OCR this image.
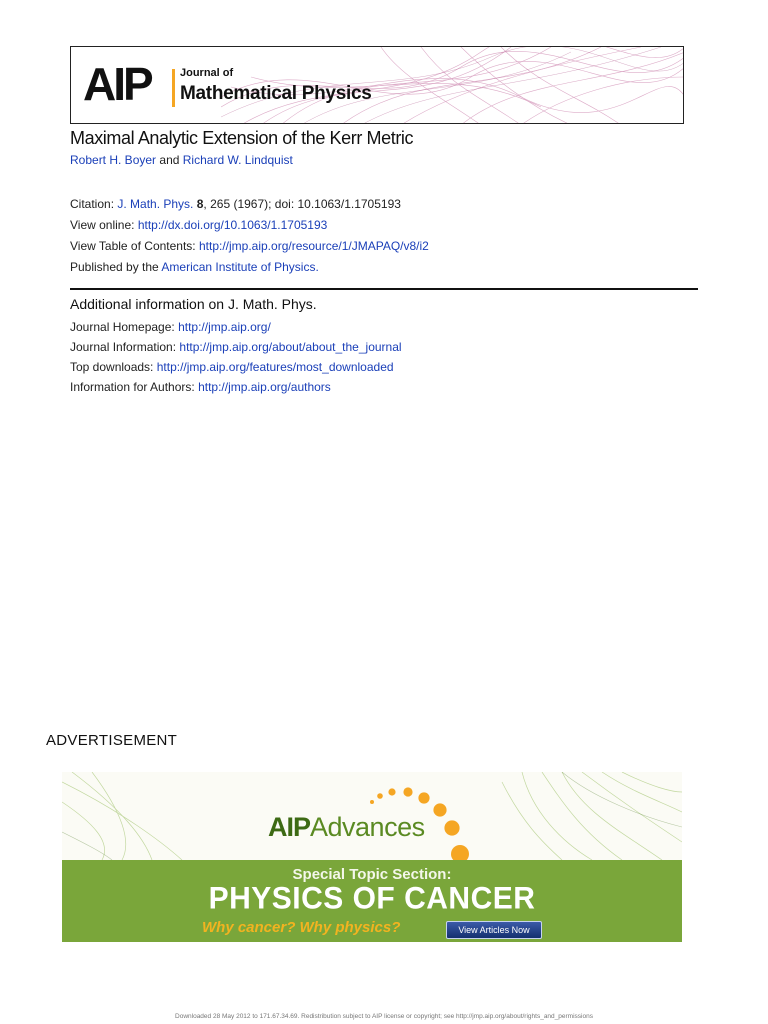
AIP	Journal of
Mathematical Physics
Maximal Analytic Extension of the Kerr Metric
Robert H. Boyer and Richard W. Lindquist
Citation: J. Math. Phys. 8, 265 (1967); doi: 10.1063/1.1705193
View online: http://dx.doi.org/10.1063/1.1705193
View Table of Contents: http://jmp.aip.org/resource/1/JMAPAQ/v8/i2
Published by the American Institute of Physics.
Additional information on J. Math. Phys.
Journal Homepage: http://jmp.aip.org/
Journal Information: http://jmp.aip.org/about/about_the_journal
Top downloads: http://jmp.aip.org/features/most_downloaded
Information for Authors: http://jmp.aip.org/authors
ADVERTISEMENT
AIPAdvances
Special Topic Section:
PHYSICS OF CANCER
Why cancer? Why physics?	View Articles Now
Downloaded 28 May 2012 to 171.67.34.69. Redistribution subject to AIP license or copyright; see http://jmp.aip.org/about/rights_and_permissions
